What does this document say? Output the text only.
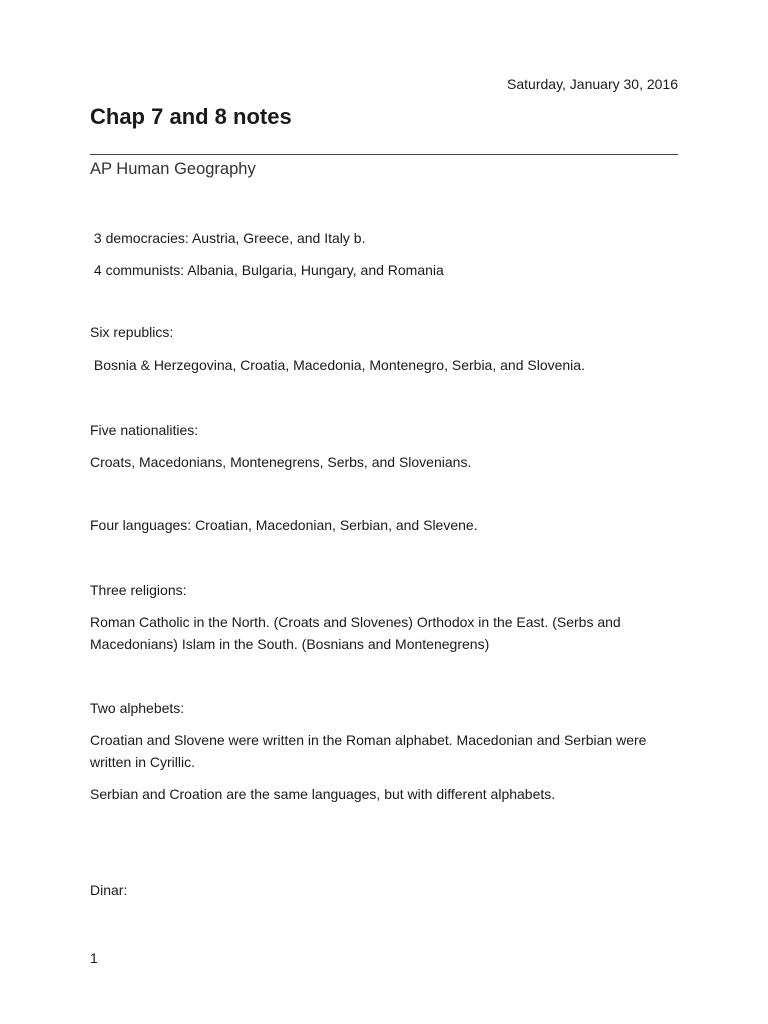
Saturday, January 30, 2016
Chap 7 and 8 notes
AP Human Geography
3 democracies: Austria, Greece, and Italy b.
4 communists: Albania, Bulgaria, Hungary, and Romania
Six republics:
Bosnia & Herzegovina, Croatia, Macedonia, Montenegro, Serbia, and Slovenia.
Five nationalities:
Croats, Macedonians, Montenegrens, Serbs, and Slovenians.
Four languages: Croatian, Macedonian, Serbian, and Slevene.
Three religions:
Roman Catholic in the North. (Croats and Slovenes) Orthodox in the East. (Serbs and Macedonians) Islam in the South. (Bosnians and Montenegrens)
Two alphebets:
Croatian and Slovene were written in the Roman alphabet. Macedonian and Serbian were written in Cyrillic.
Serbian and Croation are the same languages, but with different alphabets.
Dinar:
1
